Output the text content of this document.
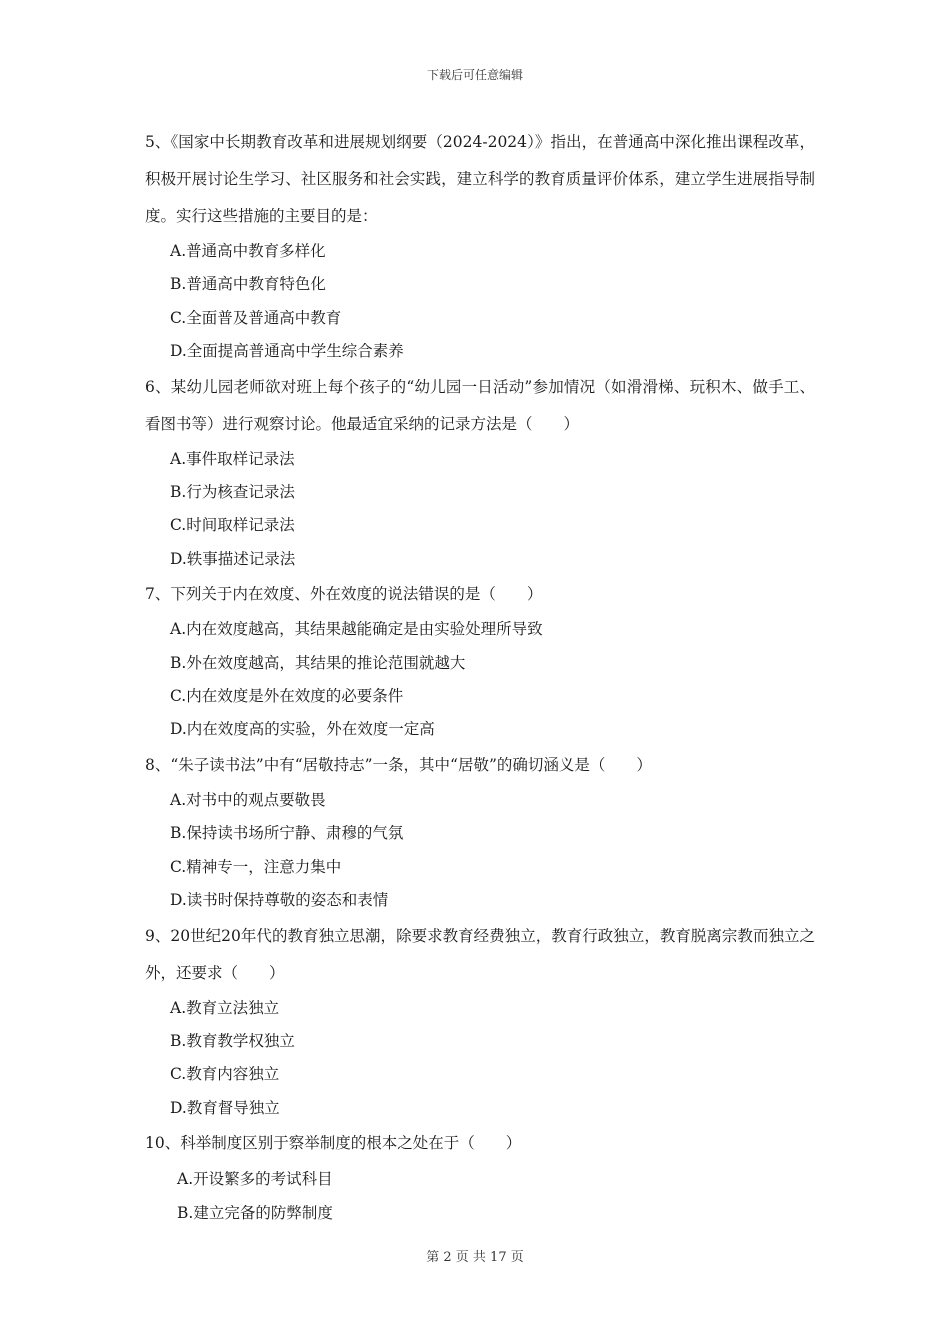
下载后可任意编辑

5、《国家中长期教育改革和进展规划纲要（2024-2024）》指出，在普通高中深化推出课程改革，积极开展讨论生学习、社区服务和社会实践，建立科学的教育质量评价体系，建立学生进展指导制度。实行这些措施的主要目的是：

A.普通高中教育多样化

B.普通高中教育特色化

C.全面普及普通高中教育

D.全面提高普通高中学生综合素养

6、某幼儿园老师欲对班上每个孩子的“幼儿园一日活动”参加情况（如滑滑梯、玩积木、做手工、看图书等）进行观察讨论。他最适宜采纳的记录方法是（　　）

A.事件取样记录法

B.行为核查记录法

C.时间取样记录法

D.轶事描述记录法

7、下列关于内在效度、外在效度的说法错误的是（　　）

A.内在效度越高，其结果越能确定是由实验处理所导致

B.外在效度越高，其结果的推论范围就越大

C.内在效度是外在效度的必要条件

D.内在效度高的实验，外在效度一定高

8、“朱子读书法”中有“居敬持志”一条，其中“居敬”的确切涵义是（　　）

A.对书中的观点要敬畏

B.保持读书场所宁静、肃穆的气氛

C.精神专一，注意力集中

D.读书时保持尊敬的姿态和表情

9、20世纪20年代的教育独立思潮，除要求教育经费独立，教育行政独立，教育脱离宗教而独立之外，还要求（　　）

A.教育立法独立

B.教育教学权独立

C.教育内容独立

D.教育督导独立

10、科举制度区别于察举制度的根本之处在于（　　）

A.开设繁多的考试科目

B.建立完备的防弊制度

第 2 页 共 17 页
